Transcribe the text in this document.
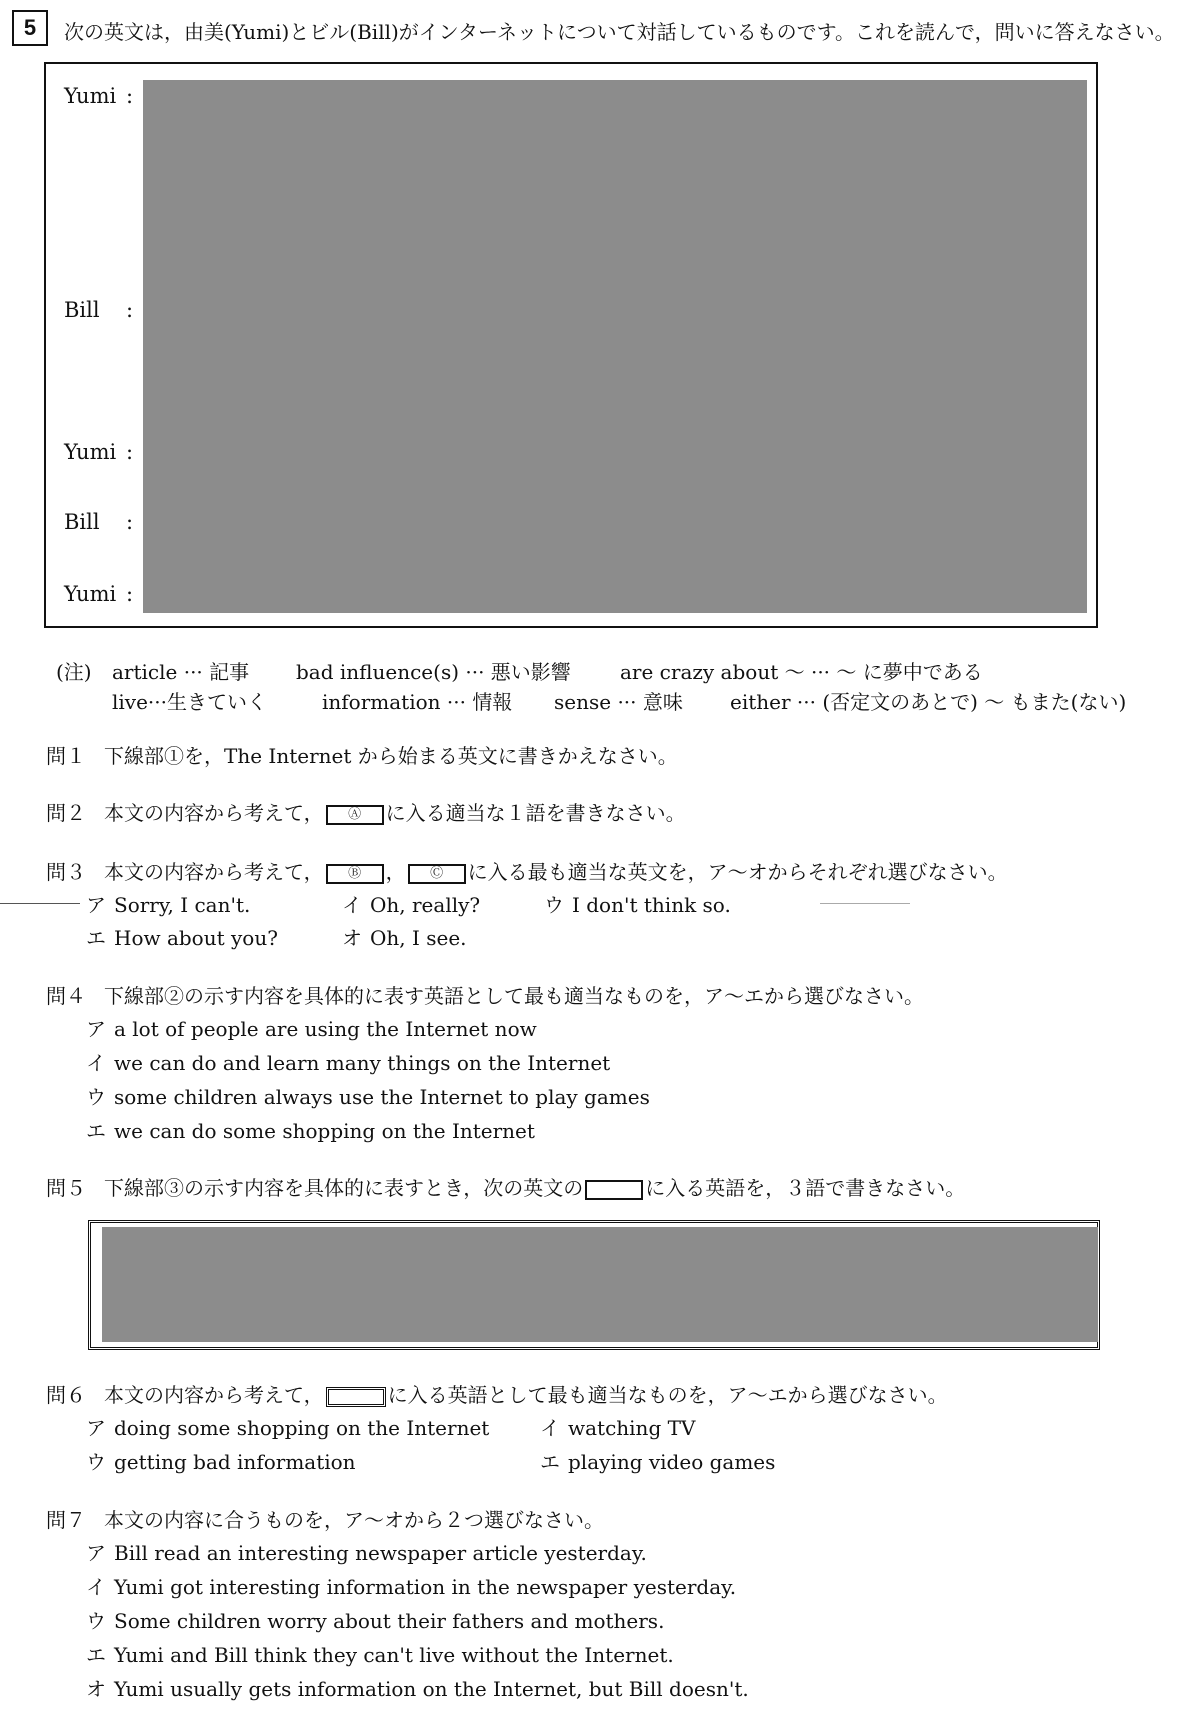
5	次の英文は，由美(Yumi)とビル(Bill)がインターネットについて対話しているものです。これを読んで，問いに答えなさい。
Yumi :
Bill :
Yumi :
Bill :
Yumi :
(注) article ··· 記事 bad influence(s) ··· 悪い影響 are crazy about ～ ··· ～ に夢中である
live···生きていく	information ··· 情報 sense ··· 意味 either ··· (否定文のあとで) ～ もまた(ない)
問１ 下線部①を，The Internet から始まる英文に書きかえなさい。
問２ 本文の内容から考えて， Ⓐ に入る適当な１語を書きなさい。
問３ 本文の内容から考えて， Ⓑ ， Ⓒ に入る最も適当な英文を，ア～オからそれぞれ選びなさい。
ア Sorry, I can't.	イ Oh, really?	ウ I don't think so.
エ How about you?	オ Oh, I see.
問４ 下線部②の示す内容を具体的に表す英語として最も適当なものを，ア～エから選びなさい。
ア a lot of people are using the Internet now
イ we can do and learn many things on the Internet
ウ some children always use the Internet to play games
エ we can do some shopping on the Internet
問５ 下線部③の示す内容を具体的に表すとき，次の英文の	に入る英語を，３語で書きなさい。
問６ 本文の内容から考えて，	に入る英語として最も適当なものを，ア～エから選びなさい。
ア doing some shopping on the Internet	イ watching TV
ウ getting bad information	エ playing video games
問７ 本文の内容に合うものを，ア～オから２つ選びなさい。
ア Bill read an interesting newspaper article yesterday.
イ Yumi got interesting information in the newspaper yesterday.
ウ Some children worry about their fathers and mothers.
エ Yumi and Bill think they can't live without the Internet.
オ Yumi usually gets information on the Internet, but Bill doesn't.
